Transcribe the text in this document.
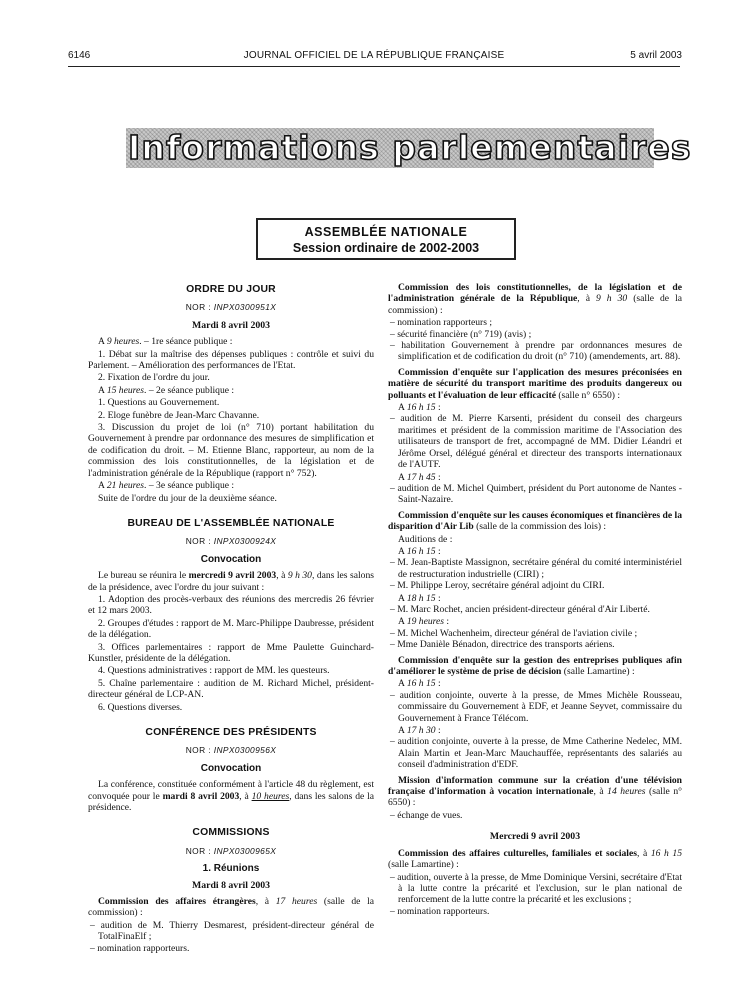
6146	JOURNAL OFFICIEL DE LA RÉPUBLIQUE FRANÇAISE	5 avril 2003
Informations parlementaires
ASSEMBLÉE NATIONALE
Session ordinaire de 2002-2003
ORDRE DU JOUR
NOR : INPX0300951X
Mardi 8 avril 2003

A 9 heures. – 1re séance publique :

1. Débat sur la maîtrise des dépenses publiques : contrôle et suivi du Parlement. – Amélioration des performances de l'Etat.

2. Fixation de l'ordre du jour.

A 15 heures. – 2e séance publique :

1. Questions au Gouvernement.

2. Eloge funèbre de Jean-Marc Chavanne.

3. Discussion du projet de loi (n° 710) portant habilitation du Gouvernement à prendre par ordonnance des mesures de simplification et de codification du droit. – M. Etienne Blanc, rapporteur, au nom de la commission des lois constitutionnelles, de la législation et de l'administration générale de la République (rapport n° 752).

A 21 heures. – 3e séance publique :

Suite de l'ordre du jour de la deuxième séance.

BUREAU DE L'ASSEMBLÉE NATIONALE
NOR : INPX0300924X
Convocation

Le bureau se réunira le mercredi 9 avril 2003, à 9 h 30, dans les salons de la présidence, avec l'ordre du jour suivant :

1. Adoption des procès-verbaux des réunions des mercredis 26 février et 12 mars 2003.

2. Groupes d'études : rapport de M. Marc-Philippe Daubresse, président de la délégation.

3. Offices parlementaires : rapport de Mme Paulette Guinchard-Kunstler, présidente de la délégation.

4. Questions administratives : rapport de MM. les questeurs.

5. Chaîne parlementaire : audition de M. Richard Michel, président-directeur général de LCP-AN.

6. Questions diverses.

CONFÉRENCE DES PRÉSIDENTS
NOR : INPX0300956X
Convocation

La conférence, constituée conformément à l'article 48 du règlement, est convoquée pour le mardi 8 avril 2003, à 10 heures, dans les salons de la présidence.

COMMISSIONS
NOR : INPX0300965X
1. Réunions
Mardi 8 avril 2003

Commission des affaires étrangères, à 17 heures (salle de la commission) :

– audition de M. Thierry Desmarest, président-directeur général de TotalFinaElf ;
– nomination rapporteurs.

Commission des lois constitutionnelles, de la législation et de l'administration générale de la République, à 9 h 30 (salle de la commission) :

– nomination rapporteurs ;
– sécurité financière (n° 719) (avis) ;
– habilitation Gouvernement à prendre par ordonnances mesures de simplification et de codification du droit (n° 710) (amendements, art. 88).

Commission d'enquête sur l'application des mesures préconisées en matière de sécurité du transport maritime des produits dangereux ou polluants et l'évaluation de leur efficacité (salle n° 6550) :

A 16 h 15 :
– audition de M. Pierre Karsenti, président du conseil des chargeurs maritimes et président de la commission maritime de l'Association des utilisateurs de transport de fret, accompagné de MM. Didier Léandri et Jérôme Orsel, délégué général et directeur des transports internationaux de l'AUTF.
A 17 h 45 :
– audition de M. Michel Quimbert, président du Port autonome de Nantes - Saint-Nazaire.

Commission d'enquête sur les causes économiques et financières de la disparition d'Air Lib (salle de la commission des lois) :

Auditions de :
A 16 h 15 :
– M. Jean-Baptiste Massignon, secrétaire général du comité interministériel de restructuration industrielle (CIRI) ;
– M. Philippe Leroy, secrétaire général adjoint du CIRI.
A 18 h 15 :
– M. Marc Rochet, ancien président-directeur général d'Air Liberté.
A 19 heures :
– M. Michel Wachenheim, directeur général de l'aviation civile ;
– Mme Danièle Bénadon, directrice des transports aériens.

Commission d'enquête sur la gestion des entreprises publiques afin d'améliorer le système de prise de décision (salle Lamartine) :

A 16 h 15 :
– audition conjointe, ouverte à la presse, de Mmes Michèle Rousseau, commissaire du Gouvernement à EDF, et Jeanne Seyvet, commissaire du Gouvernement à France Télécom.
A 17 h 30 :
– audition conjointe, ouverte à la presse, de Mme Catherine Nedelec, MM. Alain Martin et Jean-Marc Mauchauffée, représentants des salariés au conseil d'administration d'EDF.

Mission d'information commune sur la création d'une télévision française d'information à vocation internationale, à 14 heures (salle n° 6550) :

– échange de vues.
Mercredi 9 avril 2003

Commission des affaires culturelles, familiales et sociales, à 16 h 15 (salle Lamartine) :

– audition, ouverte à la presse, de Mme Dominique Versini, secrétaire d'Etat à la lutte contre la précarité et l'exclusion, sur le plan national de renforcement de la lutte contre la précarité et les exclusions ;
– nomination rapporteurs.
